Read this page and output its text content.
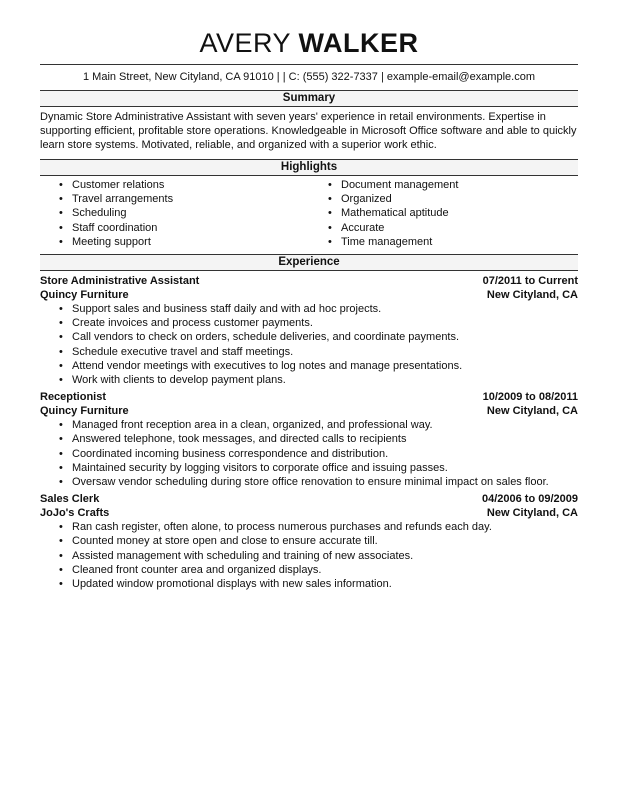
AVERY WALKER
1 Main Street, New Cityland, CA 91010 | | C: (555) 322-7337 | example-email@example.com
Summary
Dynamic Store Administrative Assistant with seven years' experience in retail environments. Expertise in supporting efficient, profitable store operations. Knowledgeable in Microsoft Office software and able to quickly learn store systems. Motivated, reliable, and organized with a superior work ethic.
Highlights
• Customer relations
• Travel arrangements
• Scheduling
• Staff coordination
• Meeting support
• Document management
• Organized
• Mathematical aptitude
• Accurate
• Time management
Experience
Store Administrative Assistant	07/2011 to Current
Quincy Furniture	New Cityland, CA
• Support sales and business staff daily and with ad hoc projects.
• Create invoices and process customer payments.
• Call vendors to check on orders, schedule deliveries, and coordinate payments.
• Schedule executive travel and staff meetings.
• Attend vendor meetings with executives to log notes and manage presentations.
• Work with clients to develop payment plans.
Receptionist	10/2009 to 08/2011
Quincy Furniture	New Cityland, CA
• Managed front reception area in a clean, organized, and professional way.
• Answered telephone, took messages, and directed calls to recipients
• Coordinated incoming business correspondence and distribution.
• Maintained security by logging visitors to corporate office and issuing passes.
• Oversaw vendor scheduling during store office renovation to ensure minimal impact on sales floor.
Sales Clerk	04/2006 to 09/2009
JoJo's Crafts	New Cityland, CA
• Ran cash register, often alone, to process numerous purchases and refunds each day.
• Counted money at store open and close to ensure accurate till.
• Assisted management with scheduling and training of new associates.
• Cleaned front counter area and organized displays.
• Updated window promotional displays with new sales information.
